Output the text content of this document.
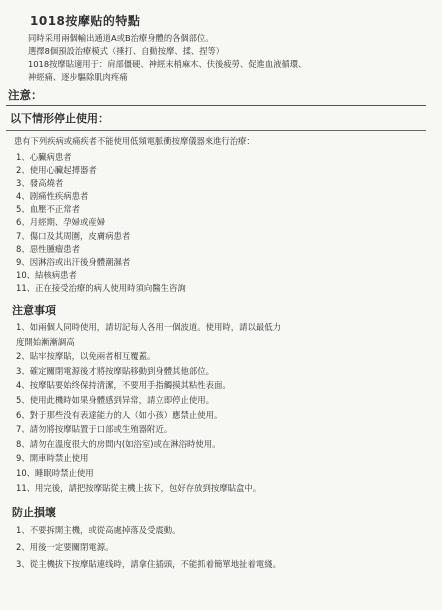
1018按摩贴的特點

同時采用兩個輸出通道A或B治療身體的各個部位。

選擇8個預設治療模式（捶打、自動按摩、揉、捏等）

1018按摩貼適用于：肩部僵硬、神經末梢麻木、伕後疲勞、促進血液循環、

神經痛、逐步驅除肌肉疼痛

注意：
以下情形停止使用：
患有下列疾病或痛疾者不能使用低頻電脈衝按摩儀器來進行治療：
1、心臟病患者
2、使用心臟起搏器者
3、發高燒者
4、剧痛性疾病患者
5、血壓不正常者
6、月經期、孕婦或産婦
7、傷口及其周圍，皮膚病患者
8、惡性腫瘤患者
9、因淋浴或出汗後身體潮濕者
10、結核病患者
11、正在接受治療的病人使用時須向醫生咨詢
注意事項
1、如兩個人同時使用，請切記每人各用一個波道。使用時，請以最低力
度開始漸漸調高
2、貼牢按摩貼，以免兩者相互覆蓋。
3、確定關閉電源後才將按摩貼移動到身體其他部位。
4、按摩貼要始终保持清潔，不要用手指觸摸其粘性表面。
5、使用此機時如果身體感到异常，請立即停止使用。
6、對于那些没有表達能力的人（如小孩）應禁止使用。
7、請勿將按摩貼置于口部或生殖器附近。
8、請勿在溫度很大的房間内(如浴室)或在淋浴時使用。
9、開車時禁止使用
10、睡眠時禁止使用
11、用完後，請把按摩貼從主機上拔下，包好存放到按摩貼盒中。
防止損壞
1、不要拆開主機，或從高處掉落及受震動。
2、用後一定要關閉電源。
3、從主機拔下按摩貼連线時，請拿住插頭，不能抓着簡單地扯着電綫。
